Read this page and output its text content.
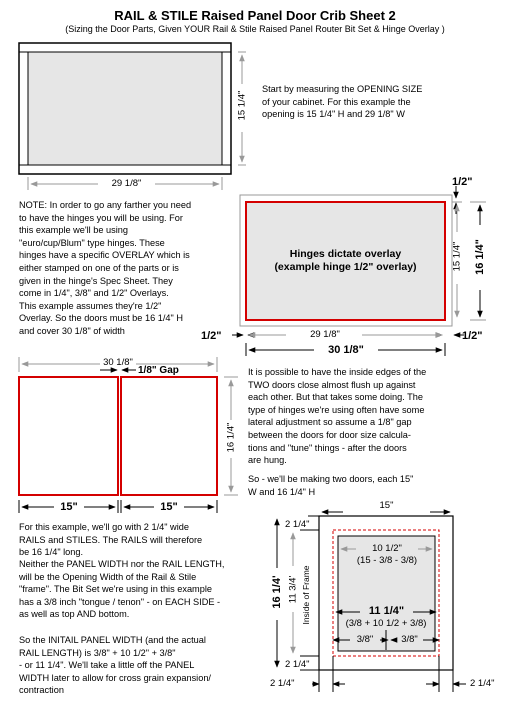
RAIL & STILE Raised Panel Door Crib Sheet 2
(Sizing the Door Parts, Given YOUR Rail & Stile Raised Panel Router Bit Set & Hinge Overlay )
15 1/4"
29 1/8"
Start by measuring the OPENING SIZE
of your cabinet. For this example the
opening is 15 1/4" H and 29 1/8" W
NOTE: In order to go any farther you need
to have the hinges you will be using. For
this example we'll be using
"euro/cup/Blum" type hinges. These
hinges have a specific OVERLAY which is
either stamped on one of the parts or is
given in the hinge's Spec Sheet. They
come in 1/4", 3/8" and 1/2" Overlays.
This example assumes they're 1/2"
Overlay. So the doors must be 16 1/4" H
and cover 30 1/8" of width
1/2"
1/2"	1/2"
15 1/4" 16 1/4"
29 1/8"
30 1/8"
Hinges dictate overlay
(example hinge 1/2" overlay)
30 1/8"
1/8" Gap
16 1/4"
15"	15"
It is possible to have the inside edges of the
TWO doors close almost flush up against
each other. But that takes some doing. The
type of hinges we're using often have some
lateral adjustment so assume a 1/8" gap
between the doors for door size calcula-
tions and "tune" things - after the doors
are hung.
So - we'll be making two doors, each 15"
W and 16 1/4" H
For this example, we'll go with 2 1/4" wide
RAILS and STILES. The RAILS will therefore
be 16 1/4" long.
Neither the PANEL WIDTH nor the RAIL LENGTH,
will be the Opening Width of the Rail & Stile
"frame". The Bit Set we're using in this example
has a 3/8 inch "tongue / tenon" - on EACH SIDE -
as well as top AND bottom.
So the INITAIL PANEL WIDTH (and the actual
RAIL LENGTH) is 3/8" + 10 1/2" + 3/8"
- or 11 1/4". We'll take a little off the PANEL
WIDTH later to allow for cross grain expansion/
contraction
15"
2 1/4"
2 1/4"
16 1/4' 11 3/4' Inside of Frame
10 1/2"
(15 - 3/8 - 3/8)
11 1/4"
(3/8 + 10 1/2 + 3/8)
3/8"	3/8"
2 1/4"	2 1/4"
